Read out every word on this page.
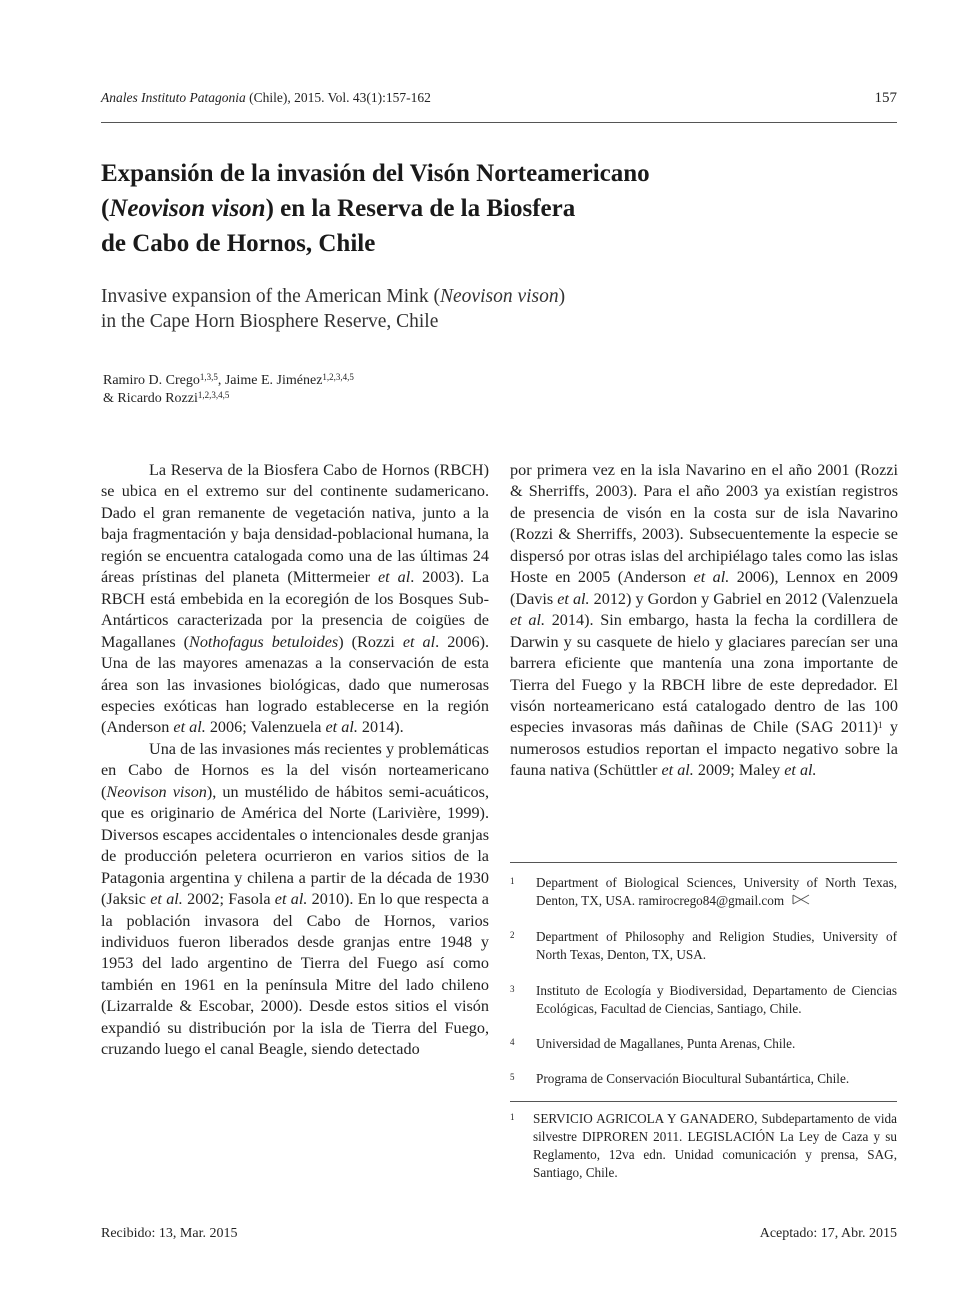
Anales Instituto Patagonia (Chile), 2015. Vol. 43(1):157-162	157
Expansión de la invasión del Visón Norteamericano
(Neovison vison) en la Reserva de la Biosfera
de Cabo de Hornos, Chile
Invasive expansion of the American Mink (Neovison vison)
in the Cape Horn Biosphere Reserve, Chile
Ramiro D. Crego$^{1,3,5}$, Jaime E. Jiménez$^{1,2,3,4,5}$
& Ricardo Rozzi$^{1,2,3,4,5}$

La Reserva de la Biosfera Cabo de Hornos (RBCH) se ubica en el extremo sur del continente sudamericano. Dado el gran remanente de vegetación nativa, junto a la baja fragmentación y baja densidad-poblacional humana, la región se encuentra catalogada como una de las últimas 24 áreas prístinas del planeta (Mittermeier et al. 2003). La RBCH está embebida en la ecoregión de los Bosques Sub-Antárticos caracterizada por la presencia de coigües de Magallanes (Nothofagus betuloides) (Rozzi et al. 2006). Una de las mayores amenazas a la conservación de esta área son las invasiones biológicas, dado que numerosas especies exóticas han logrado establecerse en la región (Anderson et al. 2006; Valenzuela et al. 2014).

Una de las invasiones más recientes y problemáticas en Cabo de Hornos es la del visón norteamericano (Neovison vison), un mustélido de hábitos semi-acuáticos, que es originario de América del Norte (Larivière, 1999). Diversos escapes accidentales o intencionales desde granjas de producción peletera ocurrieron en varios sitios de la Patagonia argentina y chilena a partir de la década de 1930 (Jaksic et al. 2002; Fasola et al. 2010). En lo que respecta a la población invasora del Cabo de Hornos, varios individuos fueron liberados desde granjas entre 1948 y 1953 del lado argentino de Tierra del Fuego así como también en 1961 en la península Mitre del lado chileno (Lizarralde & Escobar, 2000). Desde estos sitios el visón expandió su distribución por la isla de Tierra del Fuego, cruzando luego el canal Beagle, siendo detectado

por primera vez en la isla Navarino en el año 2001 (Rozzi & Sherriffs, 2003). Para el año 2003 ya existían registros de presencia de visón en la costa sur de isla Navarino (Rozzi & Sherriffs, 2003). Subsecuentemente la especie se dispersó por otras islas del archipiélago tales como las islas Hoste en 2005 (Anderson et al. 2006), Lennox en 2009 (Davis et al. 2012) y Gordon y Gabriel en 2012 (Valenzuela et al. 2014). Sin embargo, hasta la fecha la cordillera de Darwin y su casquete de hielo y glaciares parecían ser una barrera eficiente que mantenía una zona importante de Tierra del Fuego y la RBCH libre de este depredador. El visón norteamericano está catalogado dentro de las 100 especies invasoras más dañinas de Chile (SAG 2011)$^1$ y numerosos estudios reportan el impacto negativo sobre la fauna nativa (Schüttler et al. 2009; Maley et al.

1 Department of Biological Sciences, University of North Texas, Denton, TX, USA. ramirocrego84@gmail.com
2 Department of Philosophy and Religion Studies, University of North Texas, Denton, TX, USA.
3 Instituto de Ecología y Biodiversidad, Departamento de Ciencias Ecológicas, Facultad de Ciencias, Santiago, Chile.
4 Universidad de Magallanes, Punta Arenas, Chile.
5 Programa de Conservación Biocultural Subantártica, Chile.
1 SERVICIO AGRICOLA Y GANADERO, Subdepartamento de vida silvestre DIPROREN 2011. LEGISLACIÓN La Ley de Caza y su Reglamento, 12va edn. Unidad comunicación y prensa, SAG, Santiago, Chile.
Recibido: 13, Mar. 2015	Aceptado: 17, Abr. 2015
